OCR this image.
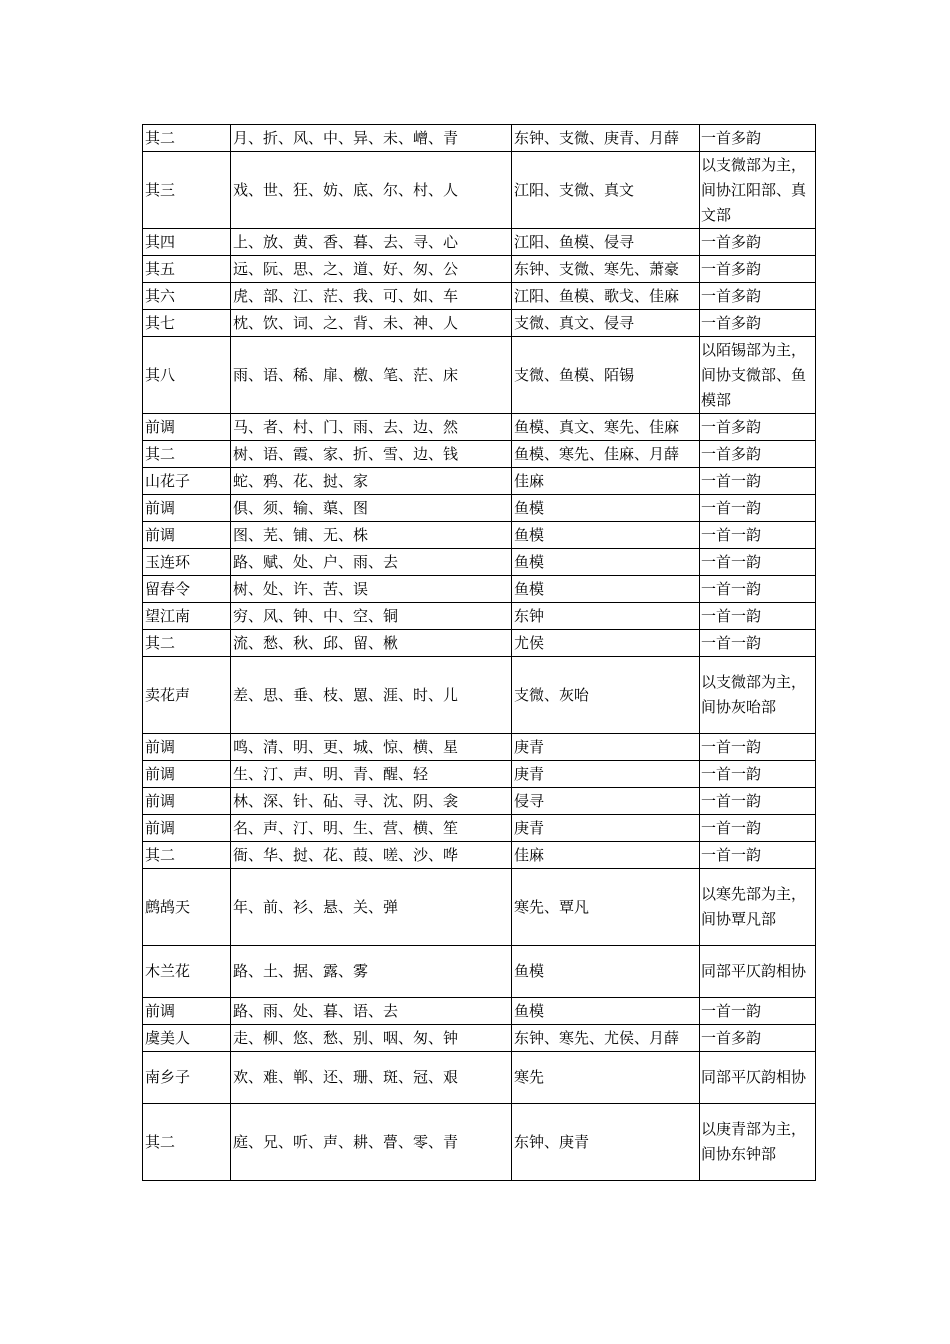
其二	月、折、风、中、异、未、嶒、青	东钟、支微、庚青、月薛	一首多韵
其三	戏、世、狂、妨、底、尔、村、人	江阳、支微、真文	以支微部为主，间协江阳部、真文部
其四	上、放、黄、香、暮、去、寻、心	江阳、鱼模、侵寻	一首多韵
其五	远、阮、思、之、道、好、匆、公	东钟、支微、寒先、萧豪	一首多韵
其六	虎、部、江、茫、我、可、如、车	江阳、鱼模、歌戈、佳麻	一首多韵
其七	枕、饮、词、之、背、未、神、人	支微、真文、侵寻	一首多韵
其八	雨、语、稀、扉、檄、笔、茫、床	支微、鱼模、陌锡	以陌锡部为主，间协支微部、鱼模部
前调	马、者、村、门、雨、去、边、然	鱼模、真文、寒先、佳麻	一首多韵
其二	树、语、霞、家、折、雪、边、钱	鱼模、寒先、佳麻、月薛	一首多韵
山花子	蛇、鸦、花、挝、家	佳麻	一首一韵
前调	俱、须、输、蕖、图	鱼模	一首一韵
前调	图、芜、铺、无、株	鱼模	一首一韵
玉连环	路、赋、处、户、雨、去	鱼模	一首一韵
留春令	树、处、许、苦、误	鱼模	一首一韵
望江南	穷、风、钟、中、空、铜	东钟	一首一韵
其二	流、愁、秋、邱、留、楸	尤侯	一首一韵
卖花声	差、思、垂、枝、罳、涯、时、儿	支微、灰咍	以支微部为主，间协灰咍部
前调	鸣、清、明、更、城、惊、横、星	庚青	一首一韵
前调	生、汀、声、明、青、醒、轻	庚青	一首一韵
前调	林、深、针、砧、寻、沈、阴、衾	侵寻	一首一韵
前调	名、声、汀、明、生、营、横、笙	庚青	一首一韵
其二	衙、华、挝、花、葭、嗟、沙、哗	佳麻	一首一韵
鹧鸪天	年、前、衫、悬、关、弹	寒先、覃凡	以寒先部为主，间协覃凡部
木兰花	路、土、据、露、雾	鱼模	同部平仄韵相协
前调	路、雨、处、暮、语、去	鱼模	一首一韵
虞美人	走、柳、悠、愁、别、咽、匆、钟	东钟、寒先、尤侯、月薛	一首多韵
南乡子	欢、难、郸、还、珊、斑、冠、艰	寒先	同部平仄韵相协
其二	庭、兄、听、声、耕、瞢、零、青	东钟、庚青	以庚青部为主，间协东钟部
